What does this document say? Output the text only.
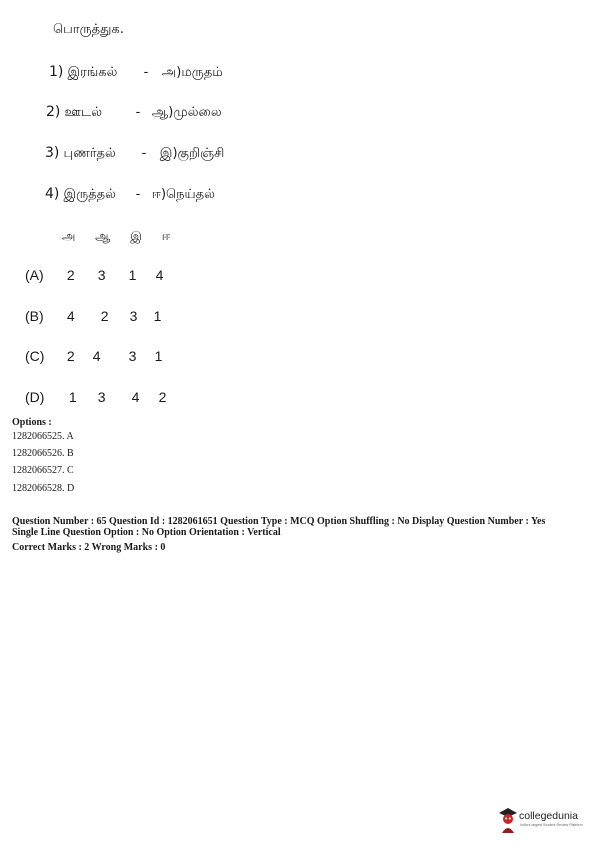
பொருத்துக.
1) இரங்கல் - அ)மருதம்
2) ஊடல்	- ஆ)முல்லை
3) புணர்தல் - இ)குறிஞ்சி
4) இருத்தல் - ஈ)நெய்தல்
அ ஆ இ ஈ
(A) 2 3 1 4
(B) 4 2 3 1
(C) 2 4 3 1
(D) 1 3 4 2
Options :
1282066525. A
1282066526. B
1282066527. C
1282066528. D
Question Number : 65 Question Id : 1282061651 Question Type : MCQ Option Shuffling : No Display Question Number : Yes
Single Line Question Option : No Option Orientation : Vertical
Correct Marks : 2 Wrong Marks : 0
collegedunia
India's largest Student Review Platform
